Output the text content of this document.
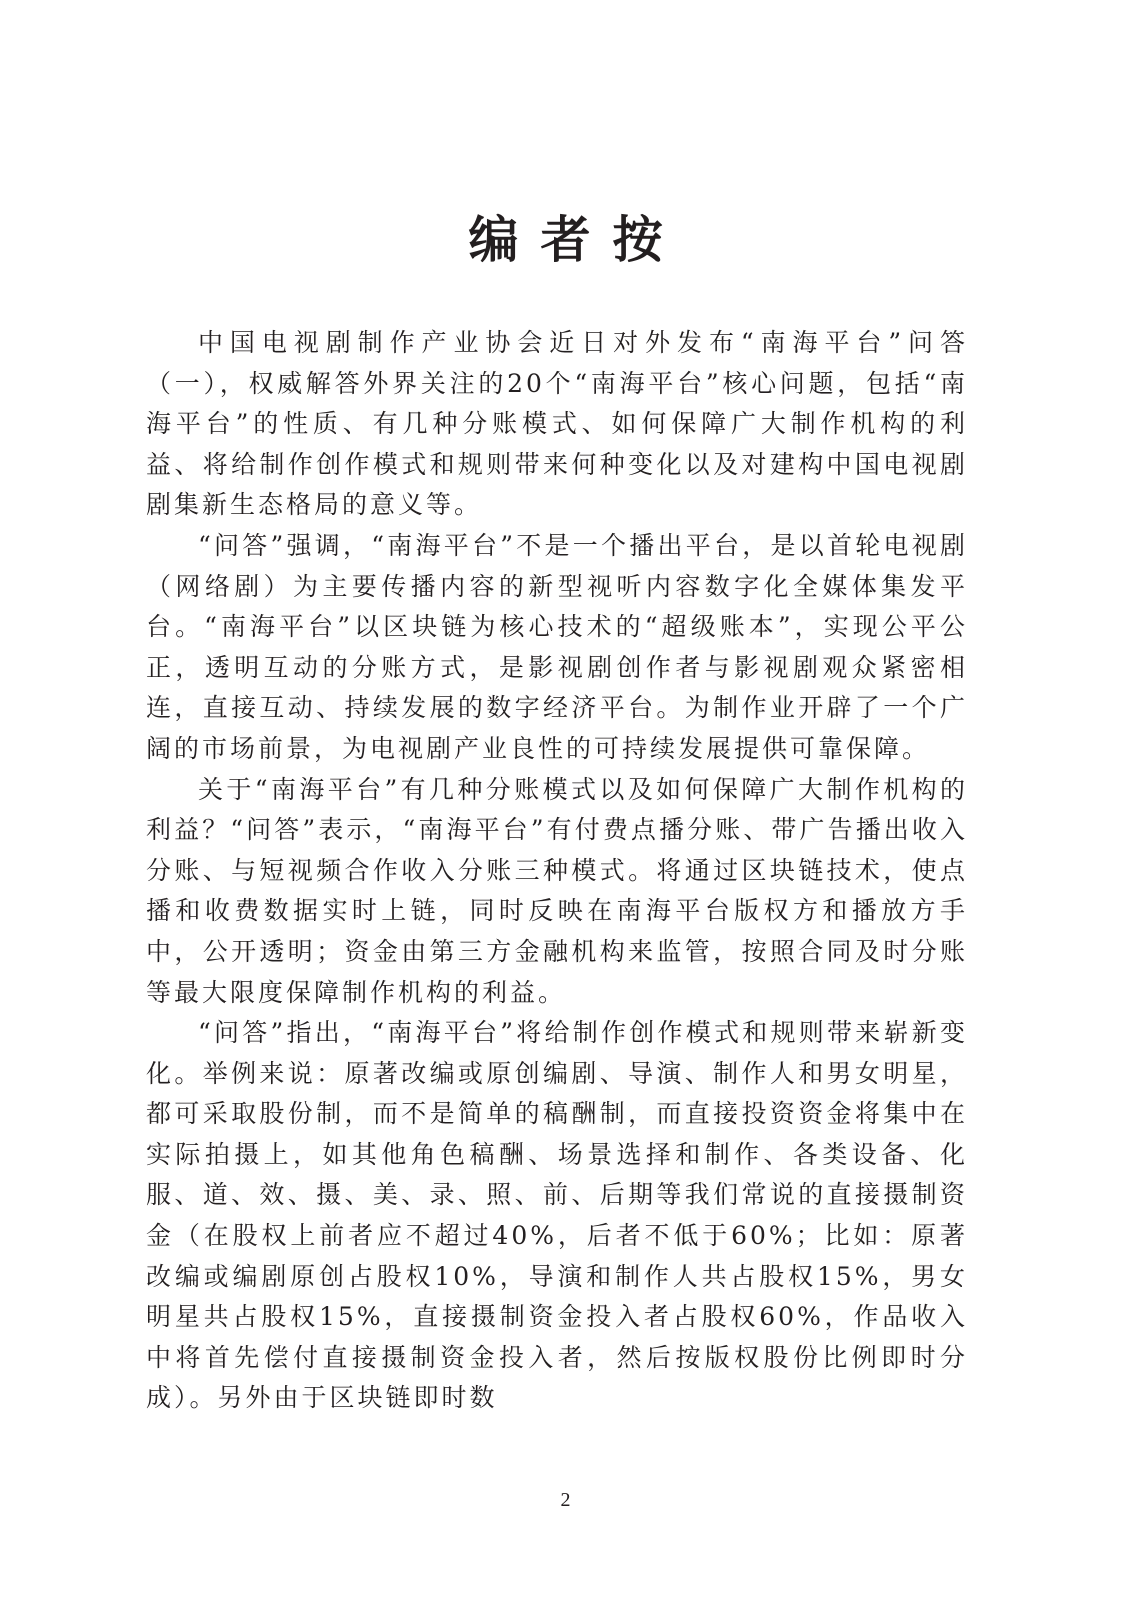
编者按

中国电视剧制作产业协会近日对外发布“南海平台”问答（一），权威解答外界关注的20个“南海平台”核心问题，包括“南海平台”的性质、有几种分账模式、如何保障广大制作机构的利益、将给制作创作模式和规则带来何种变化以及对建构中国电视剧剧集新生态格局的意义等。

“问答”强调，“南海平台”不是一个播出平台，是以首轮电视剧（网络剧）为主要传播内容的新型视听内容数字化全媒体集发平台。“南海平台”以区块链为核心技术的“超级账本”，实现公平公正，透明互动的分账方式，是影视剧创作者与影视剧观众紧密相连，直接互动、持续发展的数字经济平台。为制作业开辟了一个广阔的市场前景，为电视剧产业良性的可持续发展提供可靠保障。

关于“南海平台”有几种分账模式以及如何保障广大制作机构的利益？“问答”表示，“南海平台”有付费点播分账、带广告播出收入分账、与短视频合作收入分账三种模式。将通过区块链技术，使点播和收费数据实时上链，同时反映在南海平台版权方和播放方手中，公开透明；资金由第三方金融机构来监管，按照合同及时分账等最大限度保障制作机构的利益。

“问答”指出，“南海平台”将给制作创作模式和规则带来崭新变化。举例来说：原著改编或原创编剧、导演、制作人和男女明星，都可采取股份制，而不是简单的稿酬制，而直接投资资金将集中在实际拍摄上，如其他角色稿酬、场景选择和制作、各类设备、化服、道、效、摄、美、录、照、前、后期等我们常说的直接摄制资金（在股权上前者应不超过40%，后者不低于60%；比如：原著改编或编剧原创占股权10%，导演和制作人共占股权15%，男女明星共占股权15%，直接摄制资金投入者占股权60%，作品收入中将首先偿付直接摄制资金投入者，然后按版权股份比例即时分成）。另外由于区块链即时数

2
